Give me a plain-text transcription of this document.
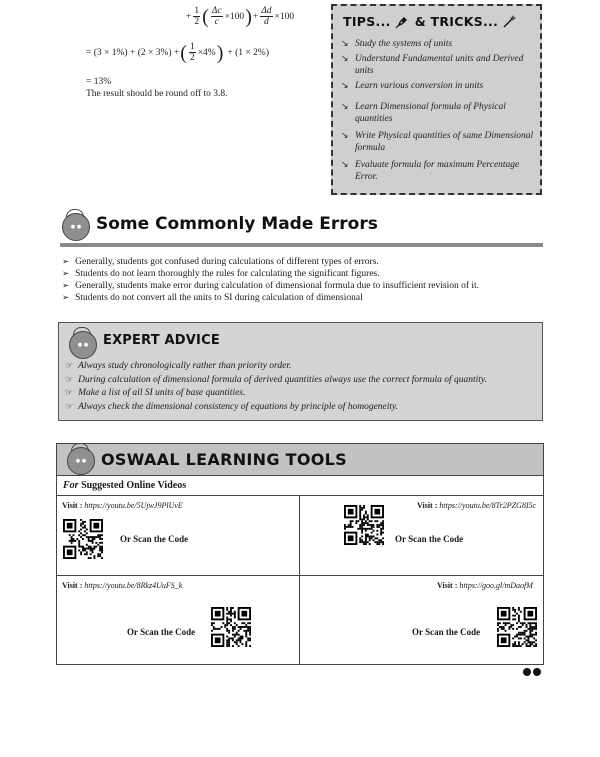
+ $\frac{1}{2}$ ( $\frac{\Delta c}{c} \times 100$ ) + $\frac{\Delta d}{d} \times 100$
= (3 × 1%) + (2 × 3%) + ( $\frac{1}{2} \times 4\%$ ) + (1 × 2%)
= 13%
The result should be round off to 3.8.
TIPS... & TRICKS...
↘ Study the systems of units
↘ Understand Fundamental units and Derived units
↘ Learn various conversion in units
↘ Learn Dimensional formula of Physical quantities
↘ Write Physical quantities of same Dimensional formula
↘ Evaluate formula for maximum Percentage Error.
● ● Some Commonly Made Errors
➢ Generally, students got confused during calculations of different types of errors.
➢ Students do not learn thoroughly the rules for calculating the significant figures.
➢ Generally, students make error during calculation of dimensional formula due to insufficient revision of it.
➢ Students do not convert all the units to SI during calculation of dimensional
● ● EXPERT ADVICE
☞ Always study chronologically rather than priority order.
☞ During calculation of dimensional formula of derived quantities always use the correct formula of quantity.
☞ Make a list of all SI units of base quantities.
☞ Always check the dimensional consistency of equations by principle of homogeneity.
● ● OSWAAL LEARNING TOOLS
For Suggested Online Videos
Visit : https://youtu.be/5UjwJ9PlUvE
Or Scan the Code
Visit : https://youtu.be/8Tr2PZG8I5c
Or Scan the Code
Visit : https://youtu.be/8Rkz4UuFS_k
Or Scan the Code
Visit : https://goo.gl/mDaofM
Or Scan the Code
